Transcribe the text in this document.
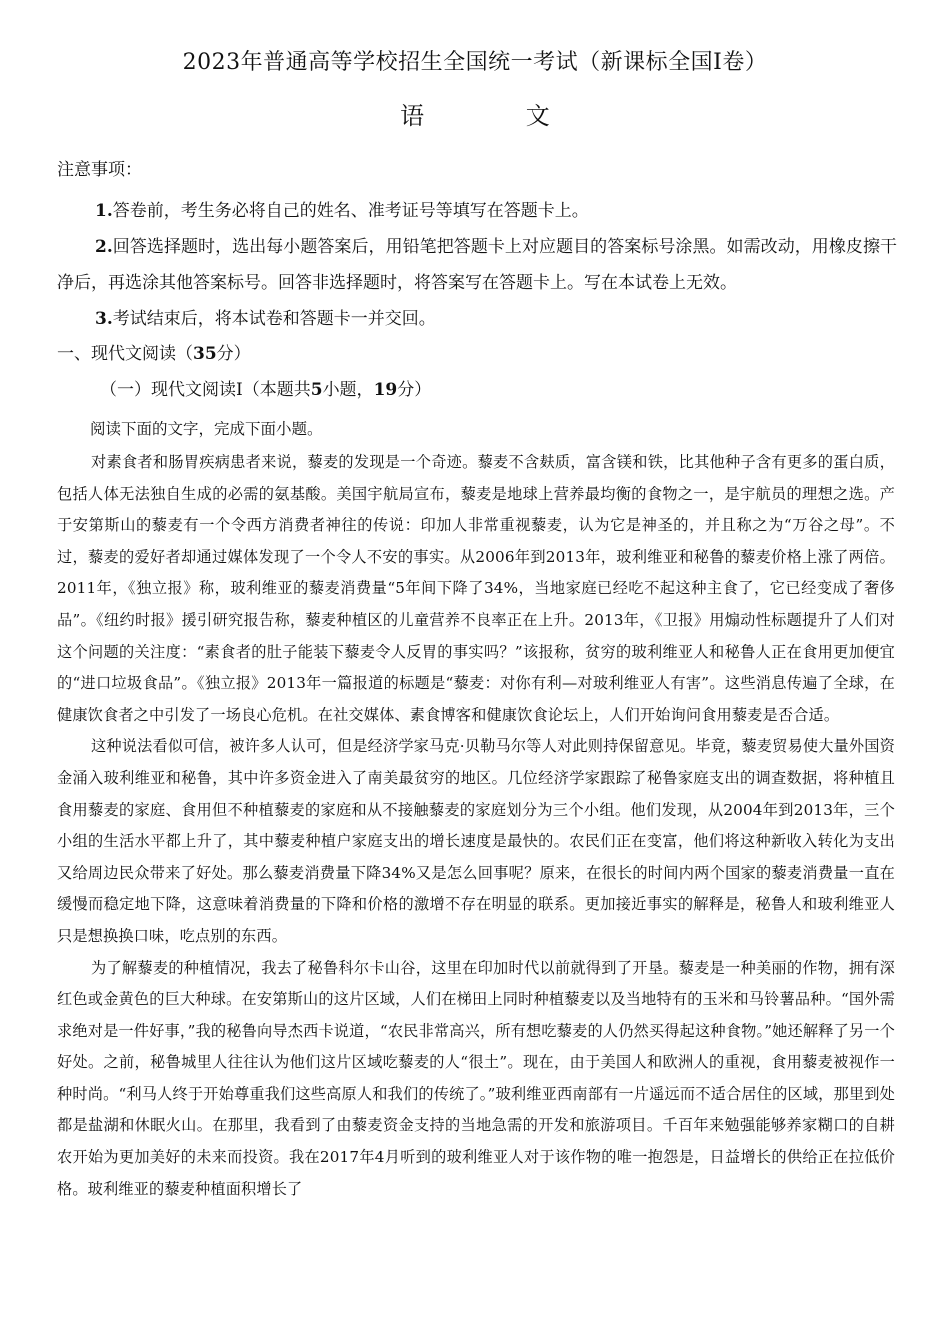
2023年普通高等学校招生全国统一考试（新课标全国Ⅰ卷）
语 文
注意事项：

1.答卷前，考生务必将自己的姓名、准考证号等填写在答题卡上。

2.回答选择题时，选出每小题答案后，用铅笔把答题卡上对应题目的答案标号涂黑。如需改动，用橡皮擦干净后，再选涂其他答案标号。回答非选择题时，将答案写在答题卡上。写在本试卷上无效。

3.考试结束后，将本试卷和答题卡一并交回。

一、现代文阅读（35分）
（一）现代文阅读Ⅰ（本题共5小题，19分）
阅读下面的文字，完成下面小题。

对素食者和肠胃疾病患者来说，藜麦的发现是一个奇迹。藜麦不含麸质，富含镁和铁，比其他种子含有更多的蛋白质，包括人体无法独自生成的必需的氨基酸。美国宇航局宣布，藜麦是地球上营养最均衡的食物之一，是宇航员的理想之选。产于安第斯山的藜麦有一个令西方消费者神往的传说：印加人非常重视藜麦，认为它是神圣的，并且称之为“万谷之母”。不过，藜麦的爱好者却通过媒体发现了一个令人不安的事实。从2006年到2013年，玻利维亚和秘鲁的藜麦价格上涨了两倍。2011年，《独立报》称，玻利维亚的藜麦消费量“5年间下降了34%，当地家庭已经吃不起这种主食了，它已经变成了奢侈品”。《纽约时报》援引研究报告称，藜麦种植区的儿童营养不良率正在上升。2013年，《卫报》用煽动性标题提升了人们对这个问题的关注度：“素食者的肚子能装下藜麦令人反胃的事实吗？”该报称，贫穷的玻利维亚人和秘鲁人正在食用更加便宜的“进口垃圾食品”。《独立报》2013年一篇报道的标题是“藜麦：对你有利—对玻利维亚人有害”。这些消息传遍了全球，在健康饮食者之中引发了一场良心危机。在社交媒体、素食博客和健康饮食论坛上，人们开始询问食用藜麦是否合适。

这种说法看似可信，被许多人认可，但是经济学家马克·贝勒马尔等人对此则持保留意见。毕竟，藜麦贸易使大量外国资金涌入玻利维亚和秘鲁，其中许多资金进入了南美最贫穷的地区。几位经济学家跟踪了秘鲁家庭支出的调查数据，将种植且食用藜麦的家庭、食用但不种植藜麦的家庭和从不接触藜麦的家庭划分为三个小组。他们发现，从2004年到2013年，三个小组的生活水平都上升了，其中藜麦种植户家庭支出的增长速度是最快的。农民们正在变富，他们将这种新收入转化为支出又给周边民众带来了好处。那么藜麦消费量下降34%又是怎么回事呢？原来，在很长的时间内两个国家的藜麦消费量一直在缓慢而稳定地下降，这意味着消费量的下降和价格的激增不存在明显的联系。更加接近事实的解释是，秘鲁人和玻利维亚人只是想换换口味，吃点别的东西。

为了解藜麦的种植情况，我去了秘鲁科尔卡山谷，这里在印加时代以前就得到了开垦。藜麦是一种美丽的作物，拥有深红色或金黄色的巨大种球。在安第斯山的这片区域，人们在梯田上同时种植藜麦以及当地特有的玉米和马铃薯品种。“国外需求绝对是一件好事，”我的秘鲁向导杰西卡说道，“农民非常高兴，所有想吃藜麦的人仍然买得起这种食物。”她还解释了另一个好处。之前，秘鲁城里人往往认为他们这片区域吃藜麦的人“很土”。现在，由于美国人和欧洲人的重视，食用藜麦被视作一种时尚。“利马人终于开始尊重我们这些高原人和我们的传统了。”玻利维亚西南部有一片遥远而不适合居住的区域，那里到处都是盐湖和休眠火山。在那里，我看到了由藜麦资金支持的当地急需的开发和旅游项目。千百年来勉强能够养家糊口的自耕农开始为更加美好的未来而投资。我在2017年4月听到的玻利维亚人对于该作物的唯一抱怨是，日益增长的供给正在拉低价格。玻利维亚的藜麦种植面积增长了
